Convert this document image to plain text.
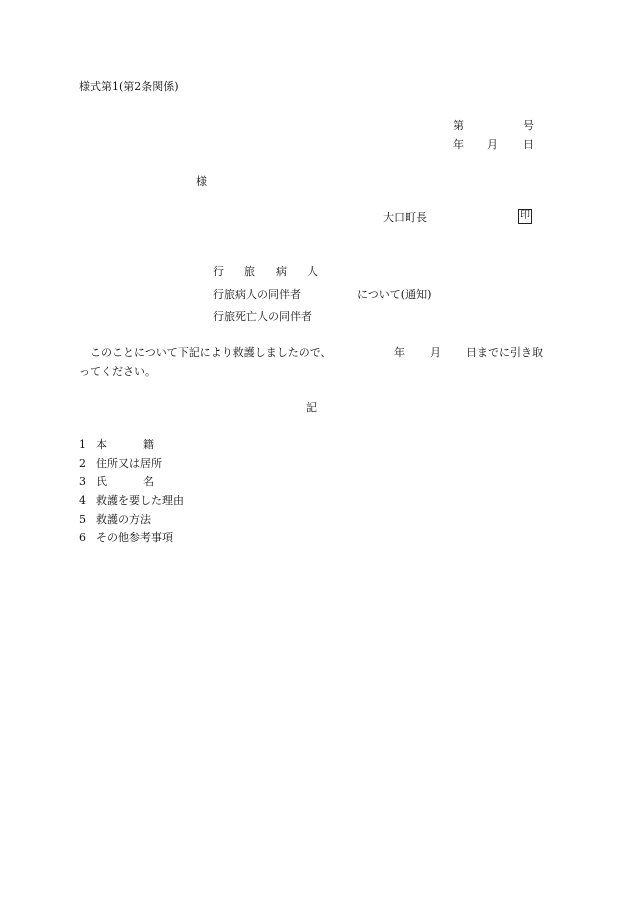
様式第1(第2条関係)
第	号
年 月 日
様
大口町長	印
行 旅 病 人
行旅病人の同伴者	について(通知)
行旅死亡人の同伴者
このことについて下記により救護しましたので、	年 月 日までに引き取
ってください。
記
1 本	籍
2 住所又は居所
3 氏	名
4 救護を要した理由
5 救護の方法
6 その他参考事項
